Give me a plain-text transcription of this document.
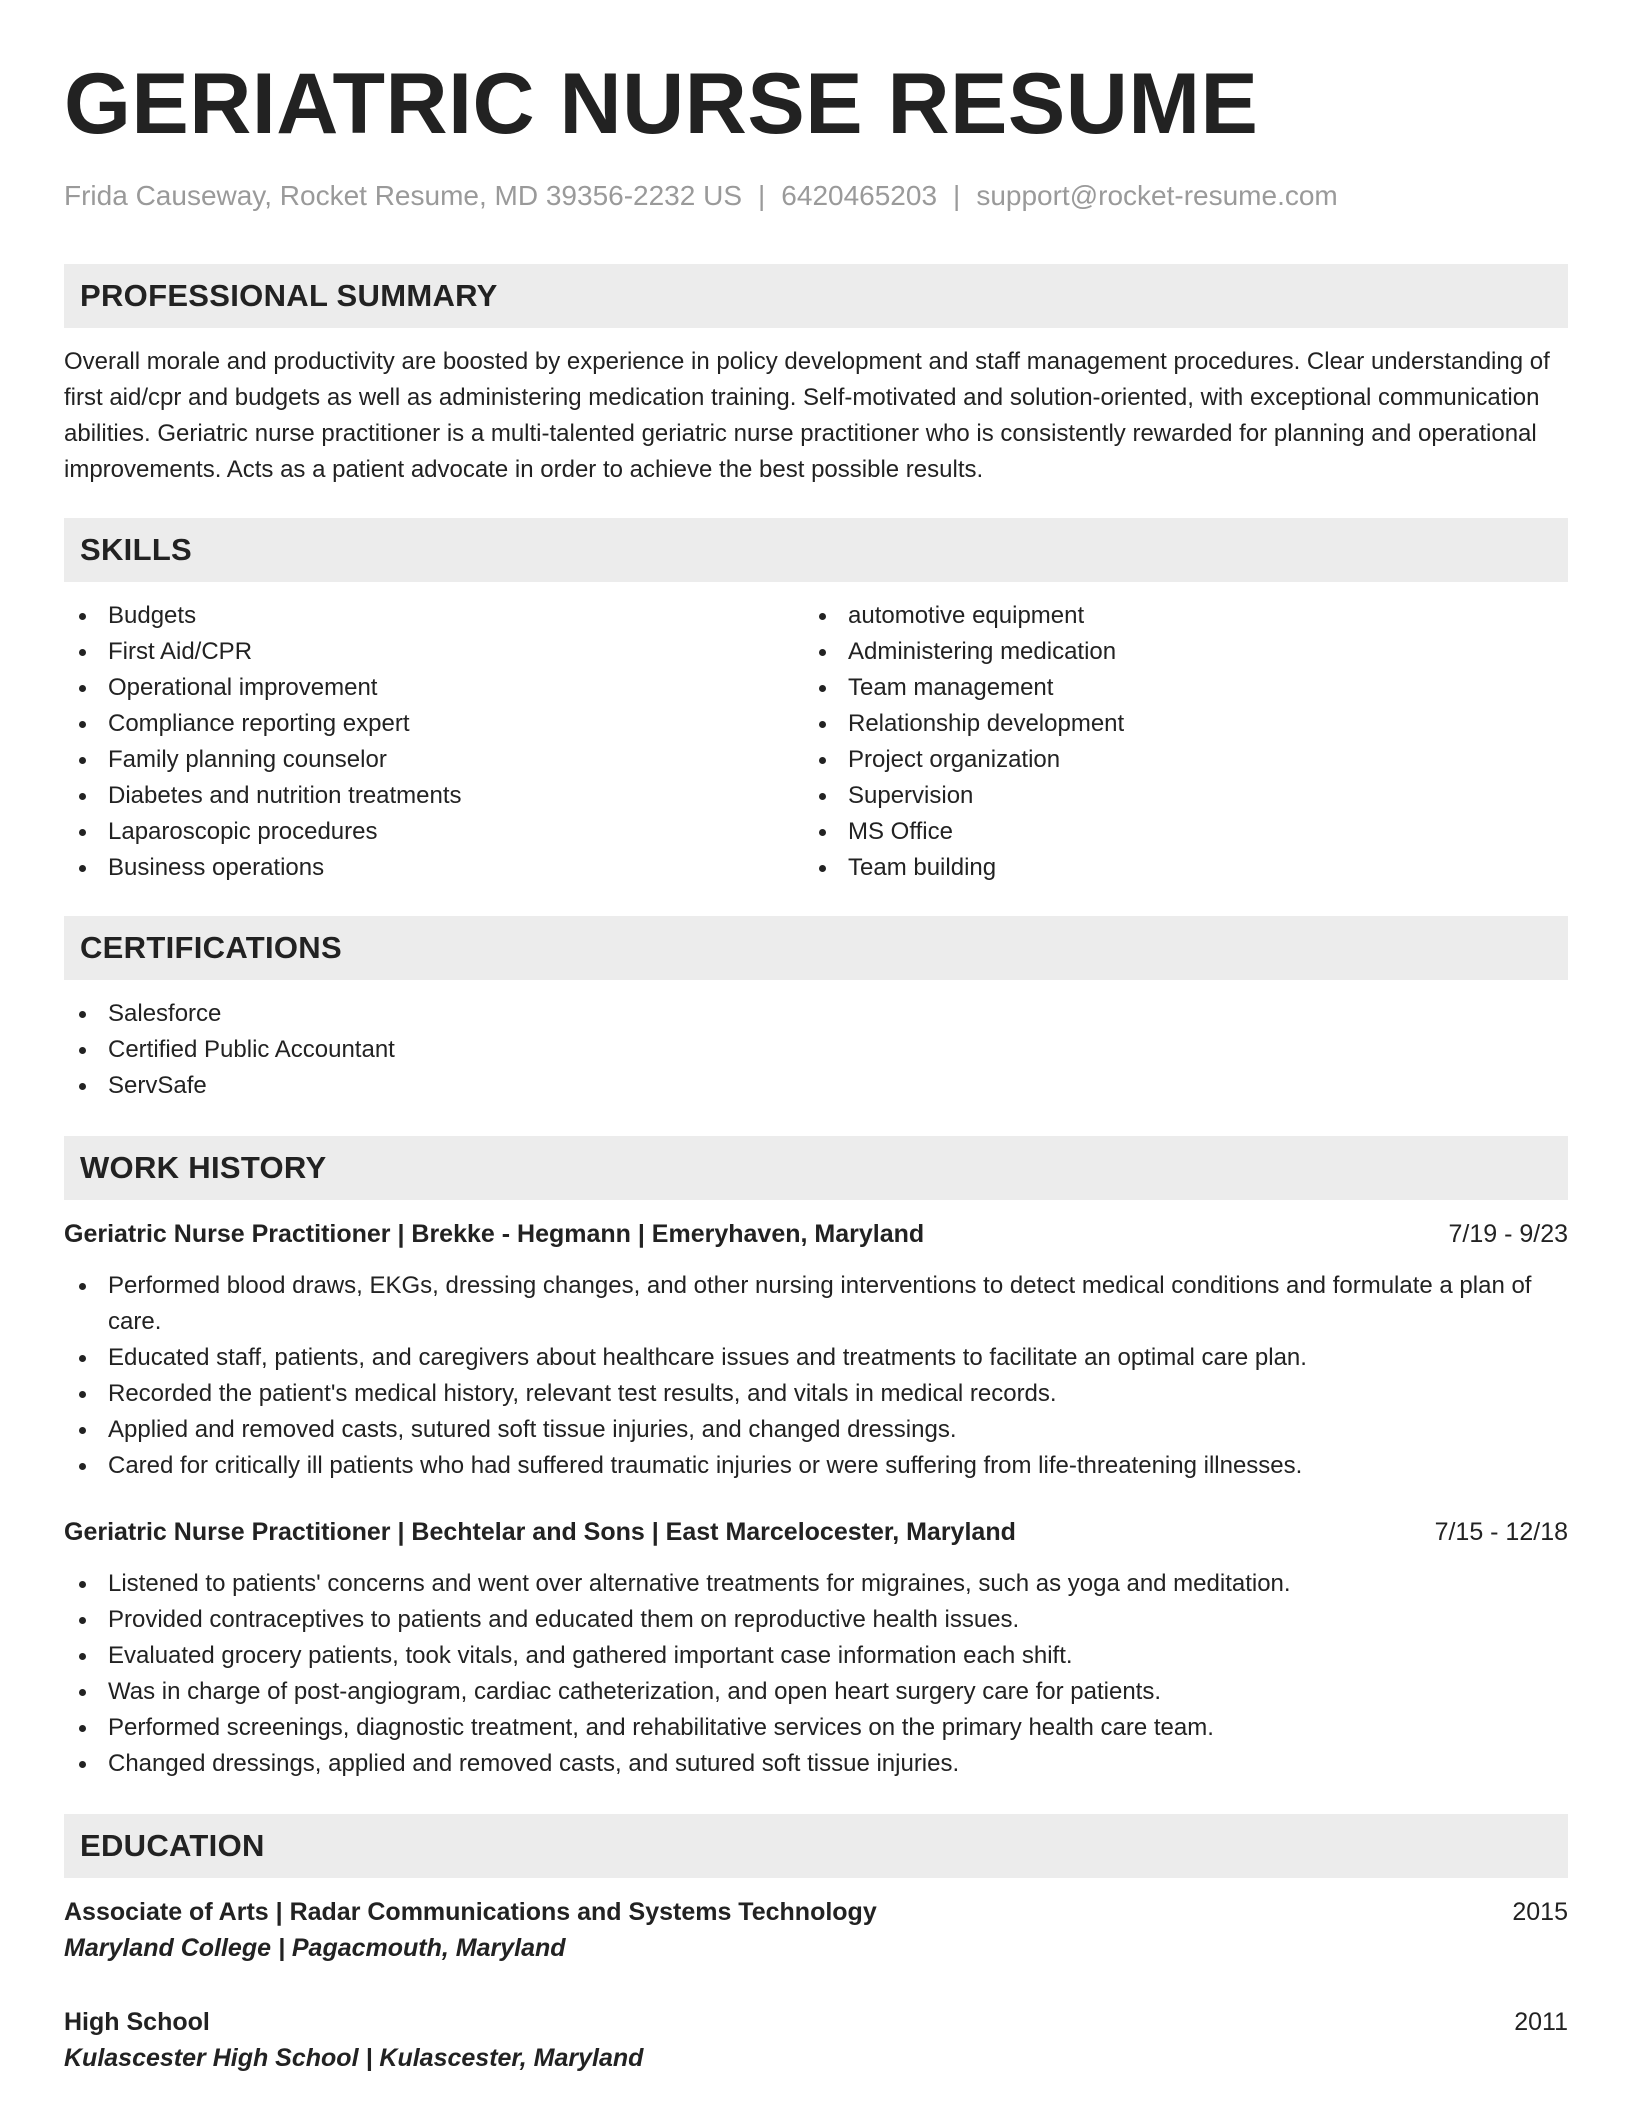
GERIATRIC NURSE RESUME
Frida Causeway, Rocket Resume, MD 39356-2232 US | 6420465203 | support@rocket-resume.com
PROFESSIONAL SUMMARY

Overall morale and productivity are boosted by experience in policy development and staff management procedures. Clear understanding of first aid/cpr and budgets as well as administering medication training. Self-motivated and solution-oriented, with exceptional communication abilities. Geriatric nurse practitioner is a multi-talented geriatric nurse practitioner who is consistently rewarded for planning and operational improvements. Acts as a patient advocate in order to achieve the best possible results.

SKILLS
Budgets
First Aid/CPR
Operational improvement
Compliance reporting expert
Family planning counselor
Diabetes and nutrition treatments
Laparoscopic procedures
Business operations
automotive equipment
Administering medication
Team management
Relationship development
Project organization
Supervision
MS Office
Team building
CERTIFICATIONS
Salesforce
Certified Public Accountant
ServSafe
WORK HISTORY
Geriatric Nurse Practitioner | Brekke - Hegmann | Emeryhaven, Maryland	7/19 - 9/23
Performed blood draws, EKGs, dressing changes, and other nursing interventions to detect medical conditions and formulate a plan of care.
Educated staff, patients, and caregivers about healthcare issues and treatments to facilitate an optimal care plan.
Recorded the patient's medical history, relevant test results, and vitals in medical records.
Applied and removed casts, sutured soft tissue injuries, and changed dressings.
Cared for critically ill patients who had suffered traumatic injuries or were suffering from life-threatening illnesses.
Geriatric Nurse Practitioner | Bechtelar and Sons | East Marcelocester, Maryland	7/15 - 12/18
Listened to patients' concerns and went over alternative treatments for migraines, such as yoga and meditation.
Provided contraceptives to patients and educated them on reproductive health issues.
Evaluated grocery patients, took vitals, and gathered important case information each shift.
Was in charge of post-angiogram, cardiac catheterization, and open heart surgery care for patients.
Performed screenings, diagnostic treatment, and rehabilitative services on the primary health care team.
Changed dressings, applied and removed casts, and sutured soft tissue injuries.
EDUCATION
Associate of Arts | Radar Communications and Systems Technology	2015
Maryland College | Pagacmouth, Maryland
High School	2011
Kulascester High School | Kulascester, Maryland
